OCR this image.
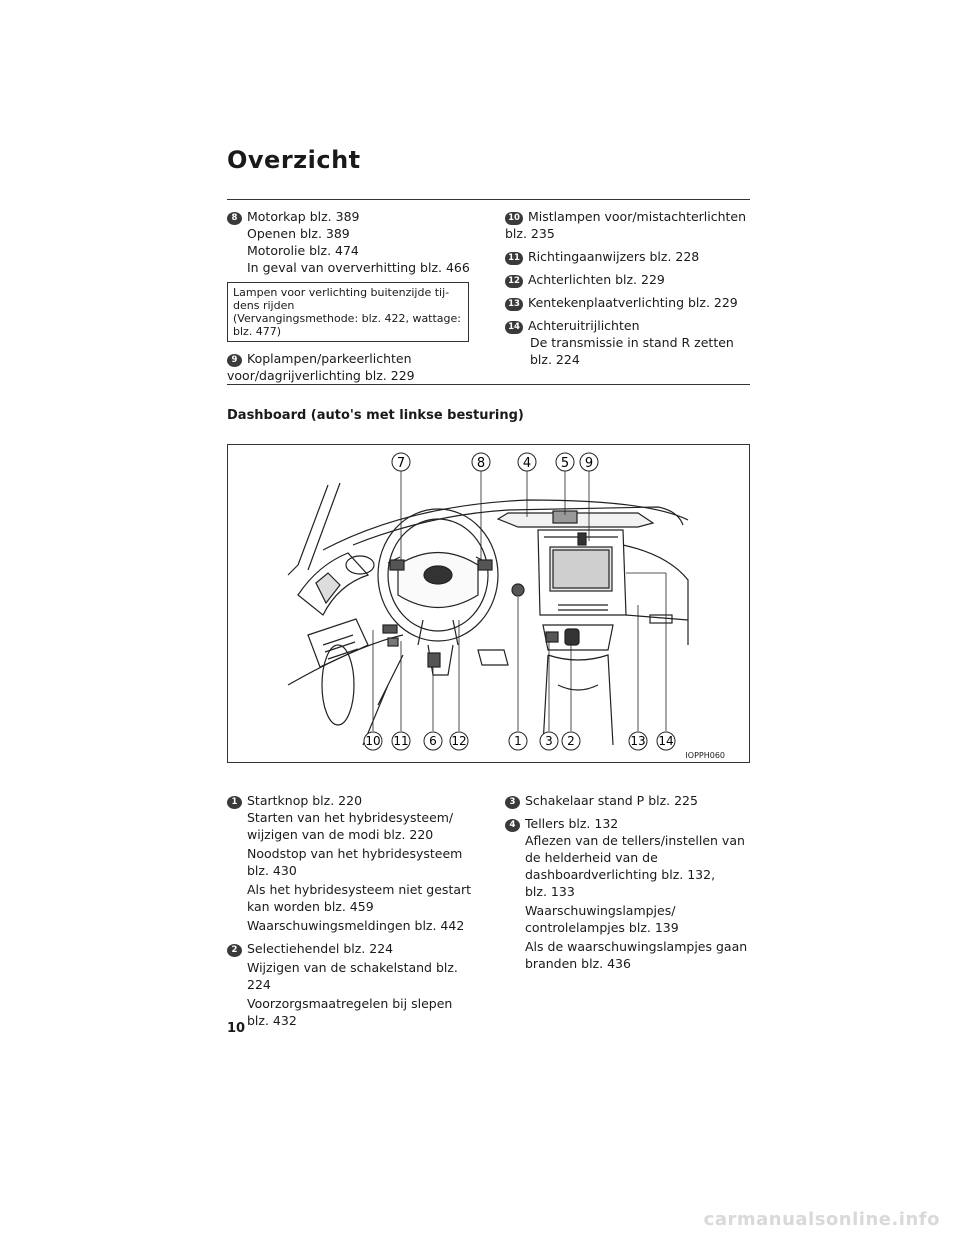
Overzicht
8 Motorkap blz. 389
Openen blz. 389
Motorolie blz. 474
In geval van oververhitting blz. 466
Lampen voor verlichting buitenzijde tij-
dens rijden
(Vervangingsmethode: blz. 422, wattage:
blz. 477)
9 Koplampen/parkeerlichten
voor/dagrijverlichting blz. 229
10 Mistlampen voor/mistachterlichten
blz. 235
11 Richtingaanwijzers blz. 228
12 Achterlichten blz. 229
13 Kentekenplaatverlichting blz. 229
14 Achteruitrijlichten
De transmissie in stand R zetten
blz. 224
Dashboard (auto's met linkse besturing)
7	8	4 5 9
10 11 6 12	1 3 2	13 14
IOPPH060
1 Startknop blz. 220
Starten van het hybridesysteem/
wijzigen van de modi blz. 220
Noodstop van het hybridesysteem
blz. 430
Als het hybridesysteem niet gestart
kan worden blz. 459
Waarschuwingsmeldingen blz. 442
2 Selectiehendel blz. 224
Wijzigen van de schakelstand blz. 224
Voorzorgsmaatregelen bij slepen
blz. 432
3 Schakelaar stand P blz. 225
4 Tellers blz. 132
Aflezen van de tellers/instellen van
de helderheid van de
dashboardverlichting blz. 132,
blz. 133
Waarschuwingslampjes/
controlelampjes blz. 139
Als de waarschuwingslampjes gaan
branden blz. 436
10
carmanualsonline.info
